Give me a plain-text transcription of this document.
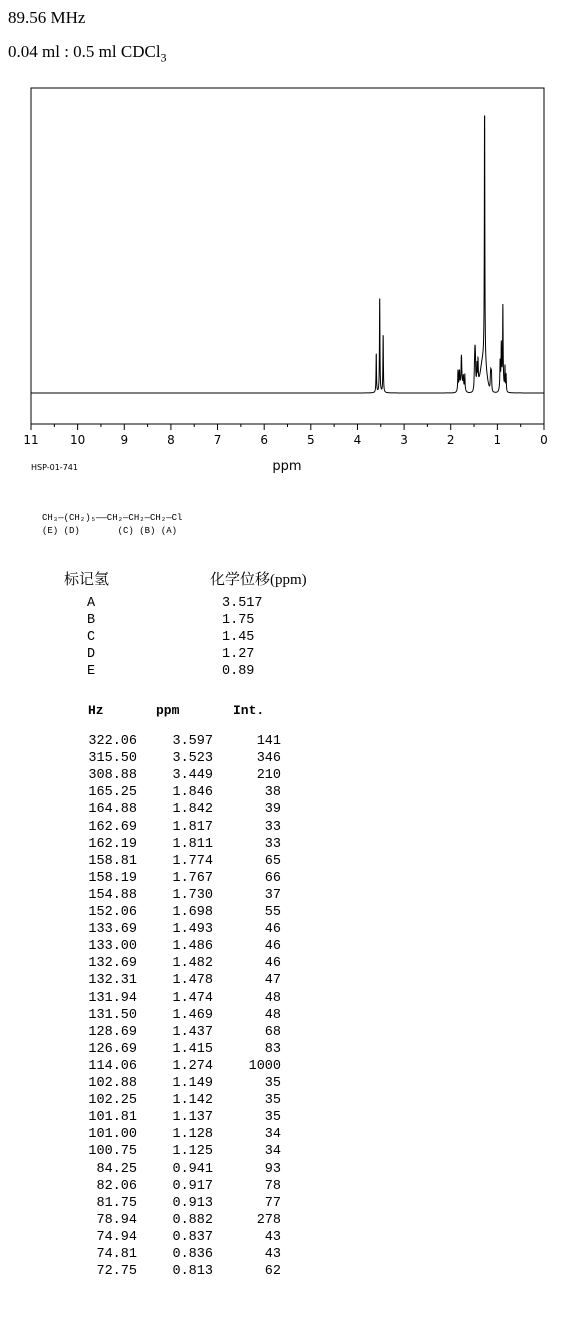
89.56 MHz
0.04 ml : 0.5 ml CDCl$_3$
11	10	9	8	7	6	5	4	3	2	1	0
ppm
HSP-01-741
CH₃—(CH₂)₅——CH₂—CH₂—CH₂—Cl
(E) (D)	(C) (B) (A)
标记氢	化学位移(ppm)
A	3.517
B	1.75
C	1.45
D	1.27
E	0.89
Hz	ppm	Int.
322.06	3.597	141
315.50	3.523	346
308.88	3.449	210
165.25	1.846	38
164.88	1.842	39
162.69	1.817	33
162.19	1.811	33
158.81	1.774	65
158.19	1.767	66
154.88	1.730	37
152.06	1.698	55
133.69	1.493	46
133.00	1.486	46
132.69	1.482	46
132.31	1.478	47
131.94	1.474	48
131.50	1.469	48
128.69	1.437	68
126.69	1.415	83
114.06	1.274	1000
102.88	1.149	35
102.25	1.142	35
101.81	1.137	35
101.00	1.128	34
100.75	1.125	34
84.25	0.941	93
82.06	0.917	78
81.75	0.913	77
78.94	0.882	278
74.94	0.837	43
74.81	0.836	43
72.75	0.813	62
